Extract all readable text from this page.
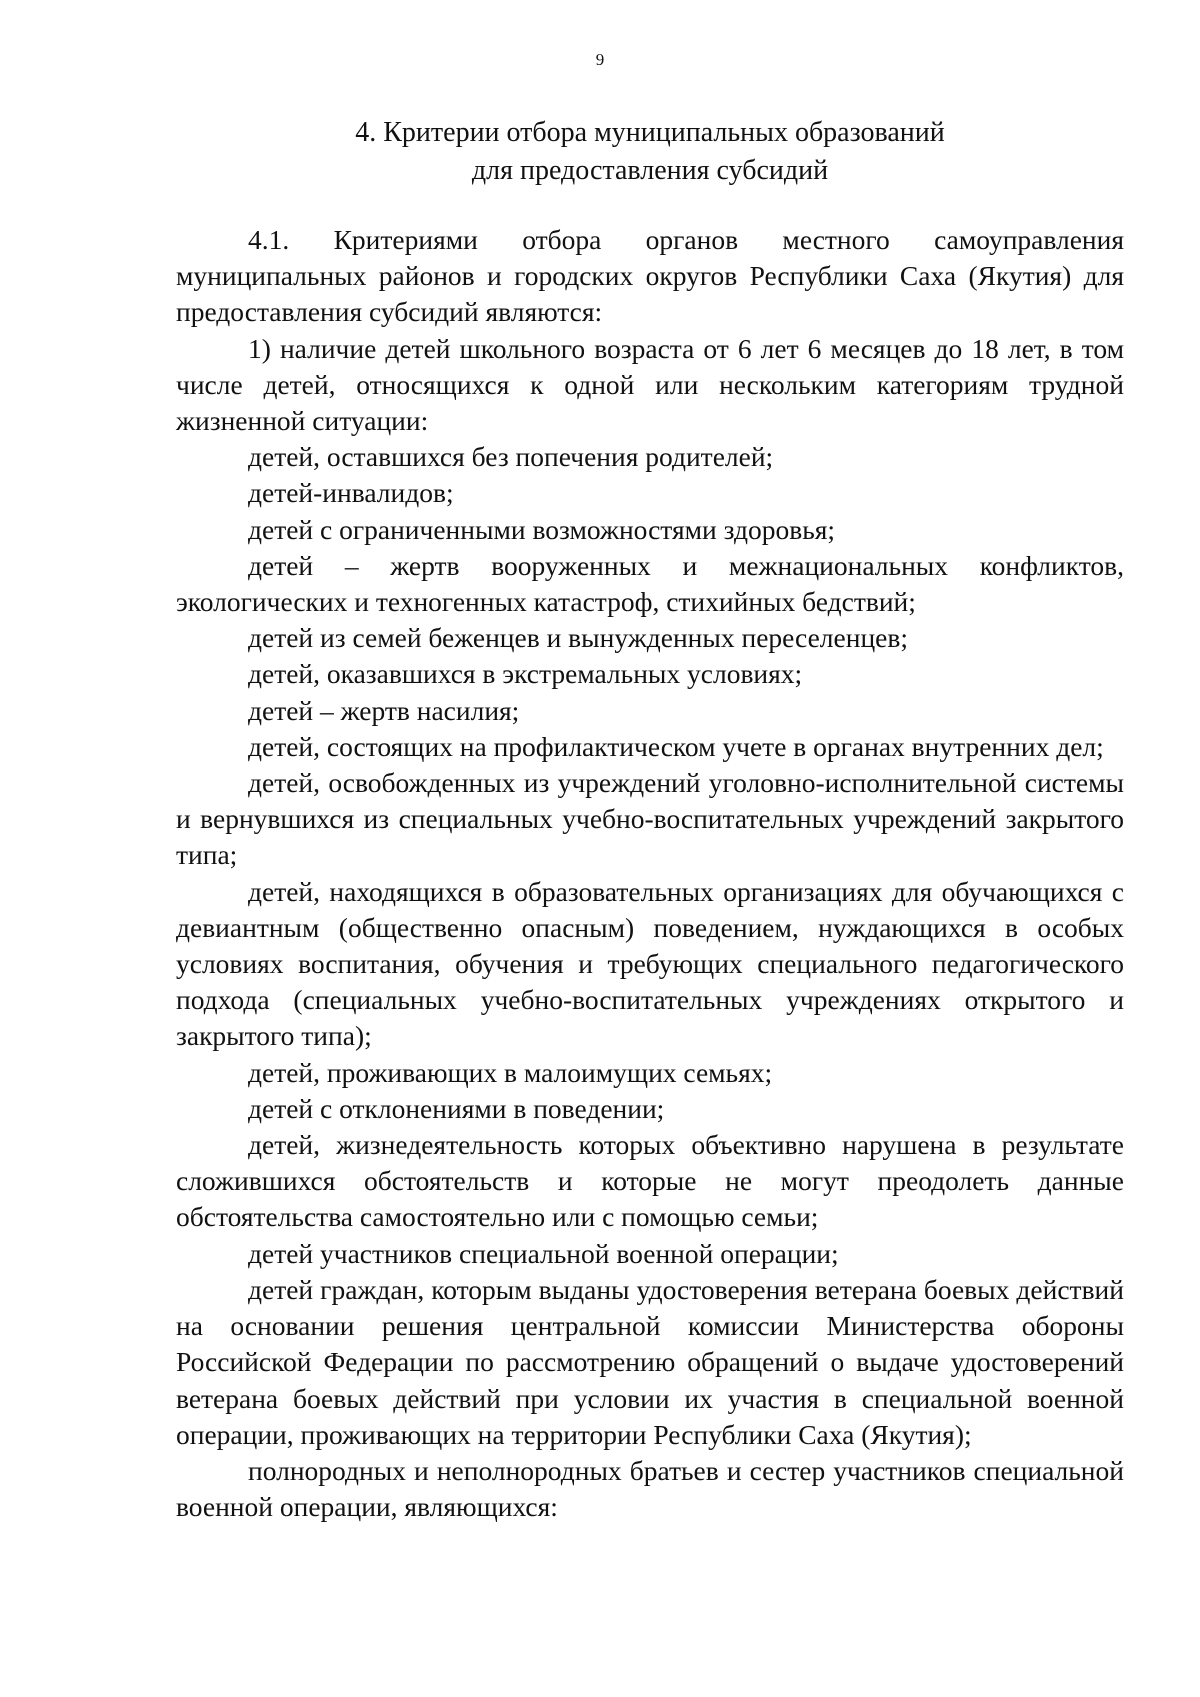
9
4. Критерии отбора муниципальных образований
для предоставления субсидий

4.1. Критериями отбора органов местного самоуправления муниципальных районов и городских округов Республики Саха (Якутия) для предоставления субсидий являются:

1) наличие детей школьного возраста от 6 лет 6 месяцев до 18 лет, в том числе детей, относящихся к одной или нескольким категориям трудной жизненной ситуации:

детей, оставшихся без попечения родителей;

детей-инвалидов;

детей с ограниченными возможностями здоровья;

детей – жертв вооруженных и межнациональных конфликтов, экологических и техногенных катастроф, стихийных бедствий;

детей из семей беженцев и вынужденных переселенцев;

детей, оказавшихся в экстремальных условиях;

детей – жертв насилия;

детей, состоящих на профилактическом учете в органах внутренних дел;

детей, освобожденных из учреждений уголовно-исполнительной системы и вернувшихся из специальных учебно-воспитательных учреждений закрытого типа;

детей, находящихся в образовательных организациях для обучающихся с девиантным (общественно опасным) поведением, нуждающихся в особых условиях воспитания, обучения и требующих специального педагогического подхода (специальных учебно-воспитательных учреждениях открытого и закрытого типа);

детей, проживающих в малоимущих семьях;

детей с отклонениями в поведении;

детей, жизнедеятельность которых объективно нарушена в результате сложившихся обстоятельств и которые не могут преодолеть данные обстоятельства самостоятельно или с помощью семьи;

детей участников специальной военной операции;

детей граждан, которым выданы удостоверения ветерана боевых действий на основании решения центральной комиссии Министерства обороны Российской Федерации по рассмотрению обращений о выдаче удостоверений ветерана боевых действий при условии их участия в специальной военной операции, проживающих на территории Республики Саха (Якутия);

полнородных и неполнородных братьев и сестер участников специальной военной операции, являющихся:
